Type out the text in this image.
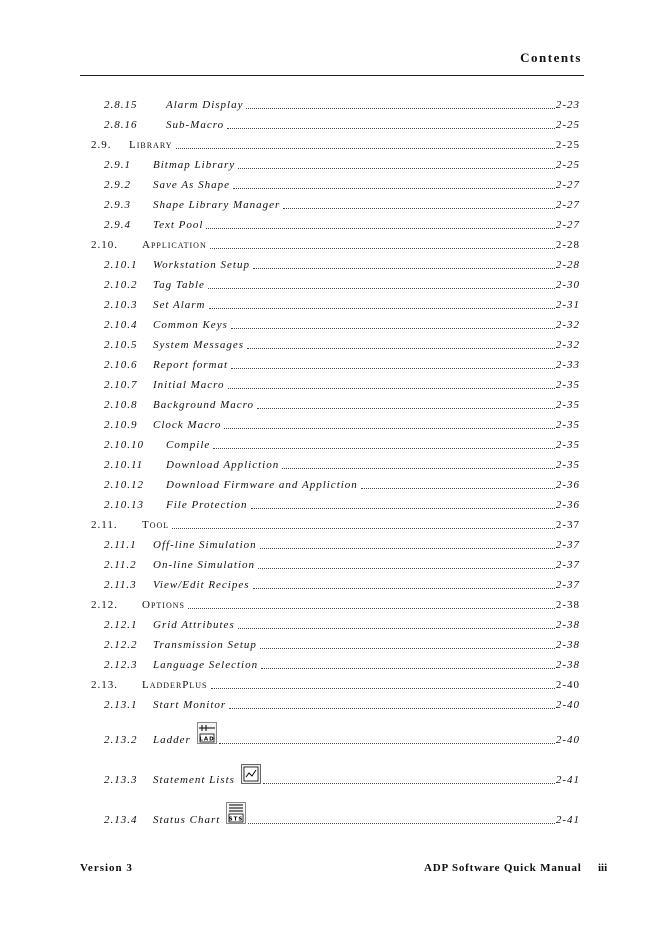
Contents
2.8.15	Alarm Display	2-23
2.8.16	Sub-Macro	2-25
2.9. Library	2-25
2.9.1 Bitmap Library	2-25
2.9.2 Save As Shape	2-27
2.9.3 Shape Library Manager	2-27
2.9.4 Text Pool	2-27
2.10. Application	2-28
2.10.1 Workstation Setup	2-28
2.10.2 Tag Table	2-30
2.10.3 Set Alarm	2-31
2.10.4 Common Keys	2-32
2.10.5 System Messages	2-32
2.10.6 Report format	2-33
2.10.7 Initial Macro	2-35
2.10.8 Background Macro	2-35
2.10.9 Clock Macro	2-35
2.10.10 Compile	2-35
2.10.11 Download Appliction	2-35
2.10.12 Download Firmware and Appliction	2-36
2.10.13 File Protection	2-36
2.11. Tool	2-37
2.11.1 Off-line Simulation	2-37
2.11.2 On-line Simulation	2-37
2.11.3 View/Edit Recipes	2-37
2.12. Options	2-38
2.12.1 Grid Attributes	2-38
2.12.2 Transmission Setup	2-38
2.12.3 Language Selection	2-38
2.13. LadderPlus	2-40
2.13.1 Start Monitor	2-40
2.13.2 Ladder	2-40
LAD
2.13.3 Statement Lists	2-41
2.13.4 Status Chart	2-41
STS
Version 3	ADP Software Quick Manual iii
